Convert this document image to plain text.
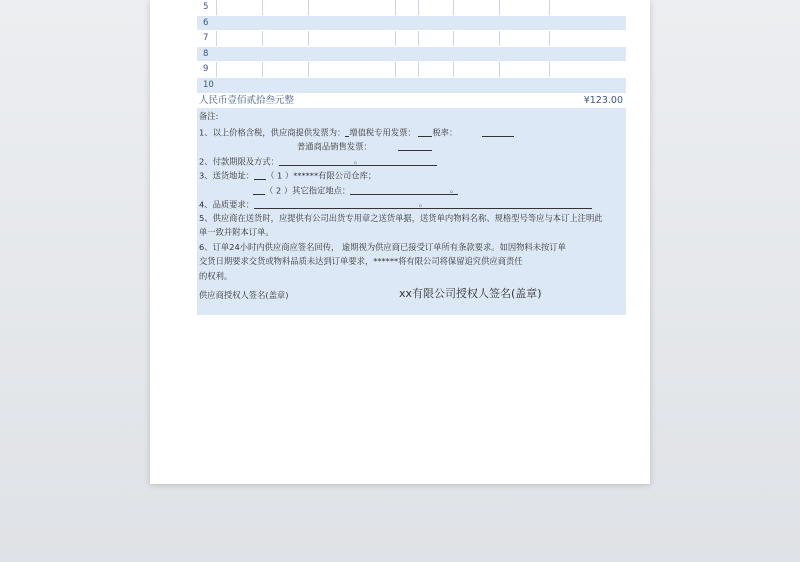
5
6
7
8
9
10
人民币壹佰贰拾叁元整	¥123.00
备注:
1、以上价格含税，供应商提供发票为： 增值税专用发票： 税率：
普通商品销售发票：
2、付款期限及方式：	。
3、送货地址： （ 1 ）******有限公司仓库；
（ 2 ）其它指定地点：	。
4、品质要求：	。
5、供应商在送货时，应提供有公司出货专用章之送货单据，送货单内物料名称、规格型号等应与本订上注明此
单一致并附本订单。
6、订单24小时内供应商应签名回传， 逾期视为供应商已接受订单所有条款要求。如因物料未按订单
交货日期要求交货或物料品质未达到订单要求，******将有限公司将保留追究供应商责任
的权利。
供应商授权人签名(盖章)	xx有限公司授权人签名(盖章)
